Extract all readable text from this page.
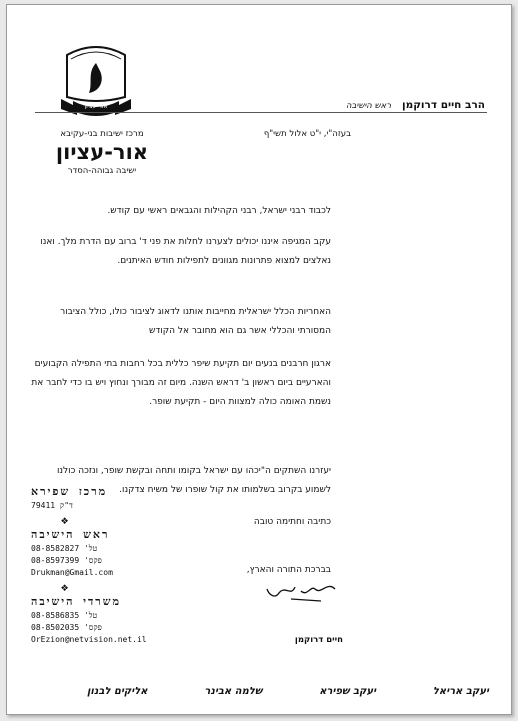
אור-עציון
מרכז ישיבות בני-עקיבא
אור-עציון
ישיבה גבוהה-הסדר
הרב חיים דרוקמן   ראש הישיבה
בעזה"י, י"ט אלול תשי"ף
לכבוד רבני ישראל, רבני הקהילות והגבאים ראשי עם קודש.
עקב המגיפה איננו יכולים לצערנו לחלות את פני ד' ברוב עם הדרת מלך. ואנו נאלצים למצוא פתרונות מגוונים לתפילות חודש האיתנים.
האחריות הכלל ישראלית מחייבות אותנו לדאוג לציבור כולו, כולל הציבור המסורתי והכללי אשר גם הוא מחובר אל הקודש
ארגון חרבנים בנעים יום תקיעת שיפר כללית בכל רחבות בתי התפילה הקבועים והארעיים ביום ראשון ב' דראש השנה. מיום זה מבורך ונחוץ ויש בו כדי לחבר את נשמת האומה כולה למצוות היום - תקיעת שופר.
יעזרנו השתקים ה"יכהו עם ישראל בקומו ותחה ובקשת שופר, ונזכה כולנו לשמוע בקרוב בשלמותו את קול שופרו של משיח צדקנו.
כתיבה וחתימה טובה
בברכת התורה והארץ,
חיים דרוקמן
מרכז שפירא
ד"ק 79411
❖
ראש הישיבה
טל' 08-8582827
פקס' 08-8597399
Drukman@Gmail.com
❖
משרדי הישיבה
טל' 08-8586835
פקס' 08-8502035
OrEzion@netvision.net.il
יעקב אריאל
יעקב שפירא
שלמה אבינר
אליקים לבנון
